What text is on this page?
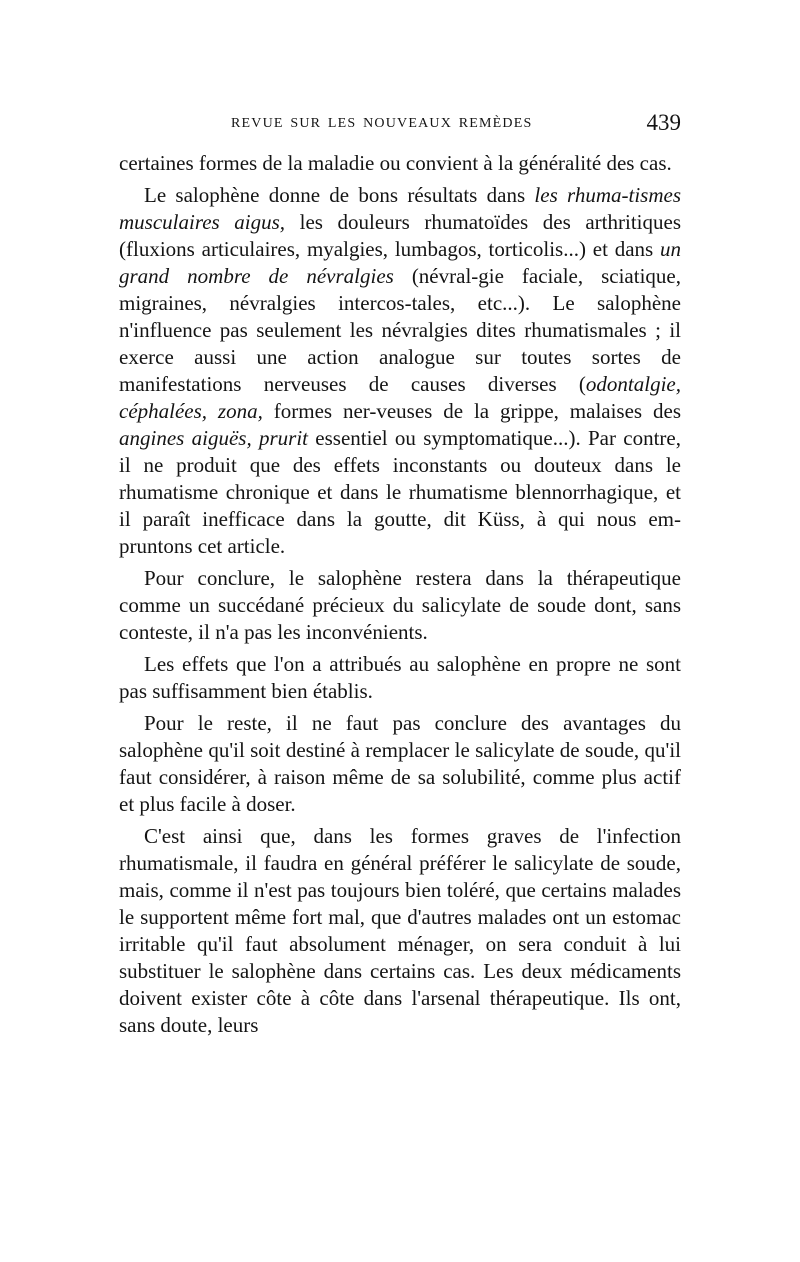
REVUE SUR LES NOUVEAUX REMÈDES	439

certaines formes de la maladie ou convient à la généralité des cas.

Le salophène donne de bons résultats dans les rhuma-tismes musculaires aigus, les douleurs rhumatoïdes des arthritiques (fluxions articulaires, myalgies, lumbagos, torticolis...) et dans un grand nombre de névralgies (névral-gie faciale, sciatique, migraines, névralgies intercos-tales, etc...). Le salophène n'influence pas seulement les névralgies dites rhumatismales ; il exerce aussi une action analogue sur toutes sortes de manifestations nerveuses de causes diverses (odontalgie, céphalées, zona, formes ner-veuses de la grippe, malaises des angines aiguës, prurit essentiel ou symptomatique...). Par contre, il ne produit que des effets inconstants ou douteux dans le rhumatisme chronique et dans le rhumatisme blennorrhagique, et il paraît inefficace dans la goutte, dit Küss, à qui nous em-pruntons cet article.

Pour conclure, le salophène restera dans la thérapeutique comme un succédané précieux du salicylate de soude dont, sans conteste, il n'a pas les inconvénients.

Les effets que l'on a attribués au salophène en propre ne sont pas suffisamment bien établis.

Pour le reste, il ne faut pas conclure des avantages du salophène qu'il soit destiné à remplacer le salicylate de soude, qu'il faut considérer, à raison même de sa solubilité, comme plus actif et plus facile à doser.

C'est ainsi que, dans les formes graves de l'infection rhumatismale, il faudra en général préférer le salicylate de soude, mais, comme il n'est pas toujours bien toléré, que certains malades le supportent même fort mal, que d'autres malades ont un estomac irritable qu'il faut absolument ménager, on sera conduit à lui substituer le salophène dans certains cas. Les deux médicaments doivent exister côte à côte dans l'arsenal thérapeutique. Ils ont, sans doute, leurs
